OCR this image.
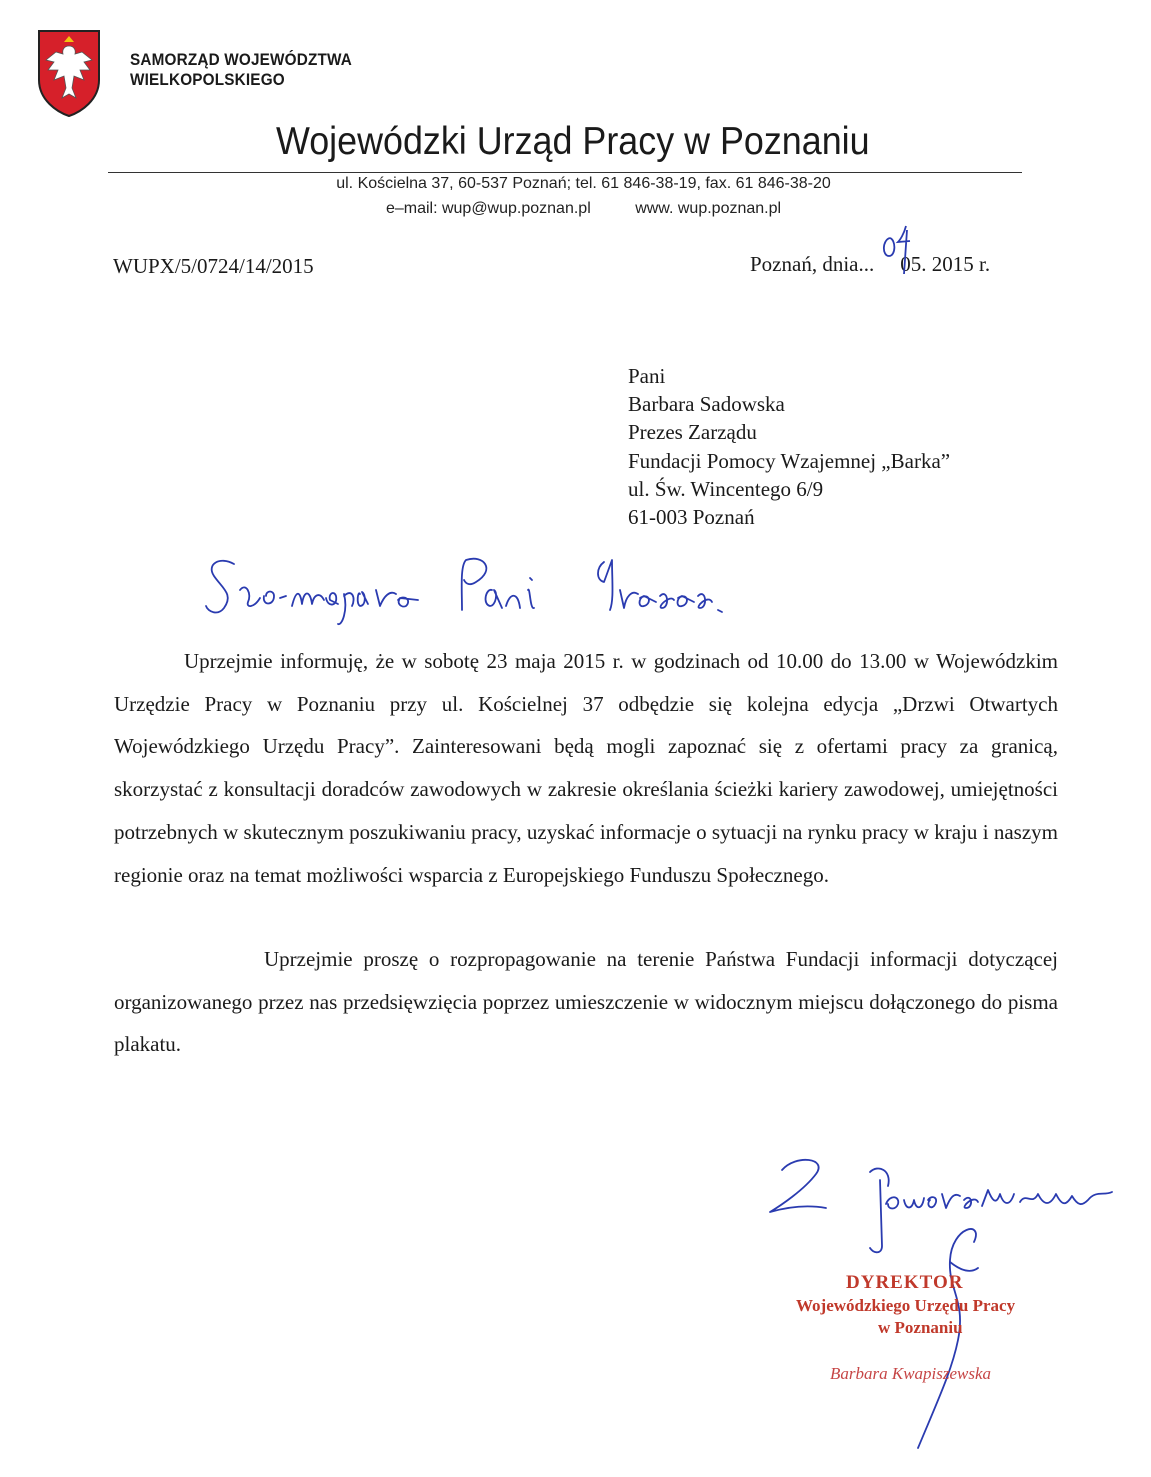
SAMORZĄD WOJEWÓDZTWA
WIELKOPOLSKIEGO
Wojewódzki Urząd Pracy w Poznaniu
ul. Kościelna 37, 60-537 Poznań; tel. 61 846-38-19, fax. 61 846-38-20
e–mail: wup@wup.poznan.pl          www. wup.poznan.pl
WUPX/5/0724/14/2015	Poznań, dnia... 05. 2015 r.
Pani
Barbara Sadowska
Prezes Zarządu
Fundacji Pomocy Wzajemnej „Barka”
ul. Św. Wincentego 6/9
61-003 Poznań

Uprzejmie informuję, że w sobotę 23 maja 2015 r. w godzinach od 10.00 do 13.00 w Wojewódzkim Urzędzie Pracy w Poznaniu przy ul. Kościelnej 37 odbędzie się kolejna edycja „Drzwi Otwartych Wojewódzkiego Urzędu Pracy”. Zainteresowani będą mogli zapoznać się z ofertami pracy za granicą, skorzystać z konsultacji doradców zawodowych w zakresie określania ścieżki kariery zawodowej, umiejętności potrzebnych w skutecznym poszukiwaniu pracy, uzyskać informacje o sytuacji na rynku pracy w kraju i naszym regionie oraz na temat możliwości wsparcia z Europejskiego Funduszu Społecznego.

Uprzejmie proszę o rozpropagowanie na terenie Państwa Fundacji informacji dotyczącej organizowanego przez nas przedsięwzięcia poprzez umieszczenie w widocznym miejscu dołączonego do pisma plakatu.

DYREKTOR
Wojewódzkiego Urzędu Pracy
w Poznaniu
Barbara Kwapiszewska
